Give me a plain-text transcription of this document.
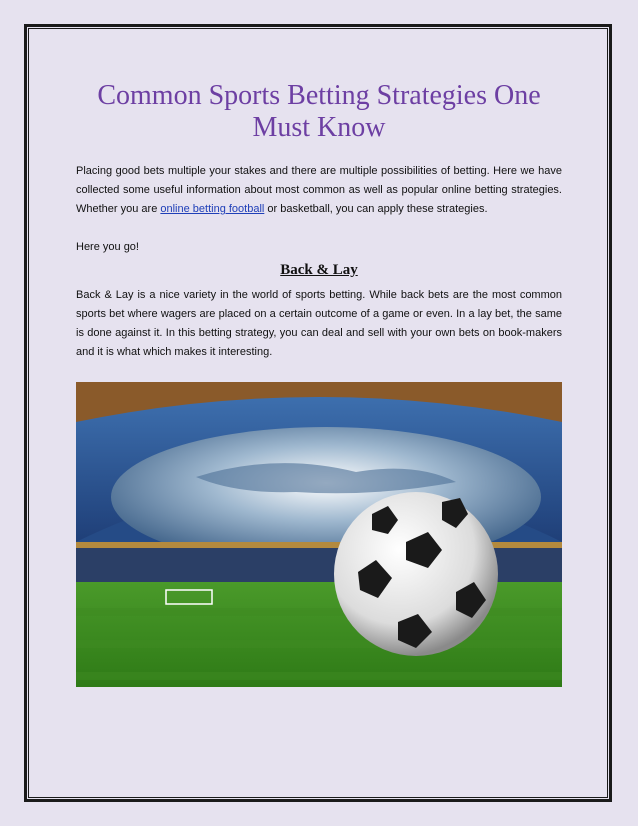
Common Sports Betting Strategies One Must Know

Placing good bets multiple your stakes and there are multiple possibilities of betting. Here we have collected some useful information about most common as well as popular online betting strategies. Whether you are online betting football or basketball, you can apply these strategies.

Here you go!

Back & Lay

Back & Lay is a nice variety in the world of sports betting. While back bets are the most common sports bet where wagers are placed on a certain outcome of a game or even. In a lay bet, the same is done against it. In this betting strategy, you can deal and sell with your own bets on book-makers and it is what which makes it interesting.
